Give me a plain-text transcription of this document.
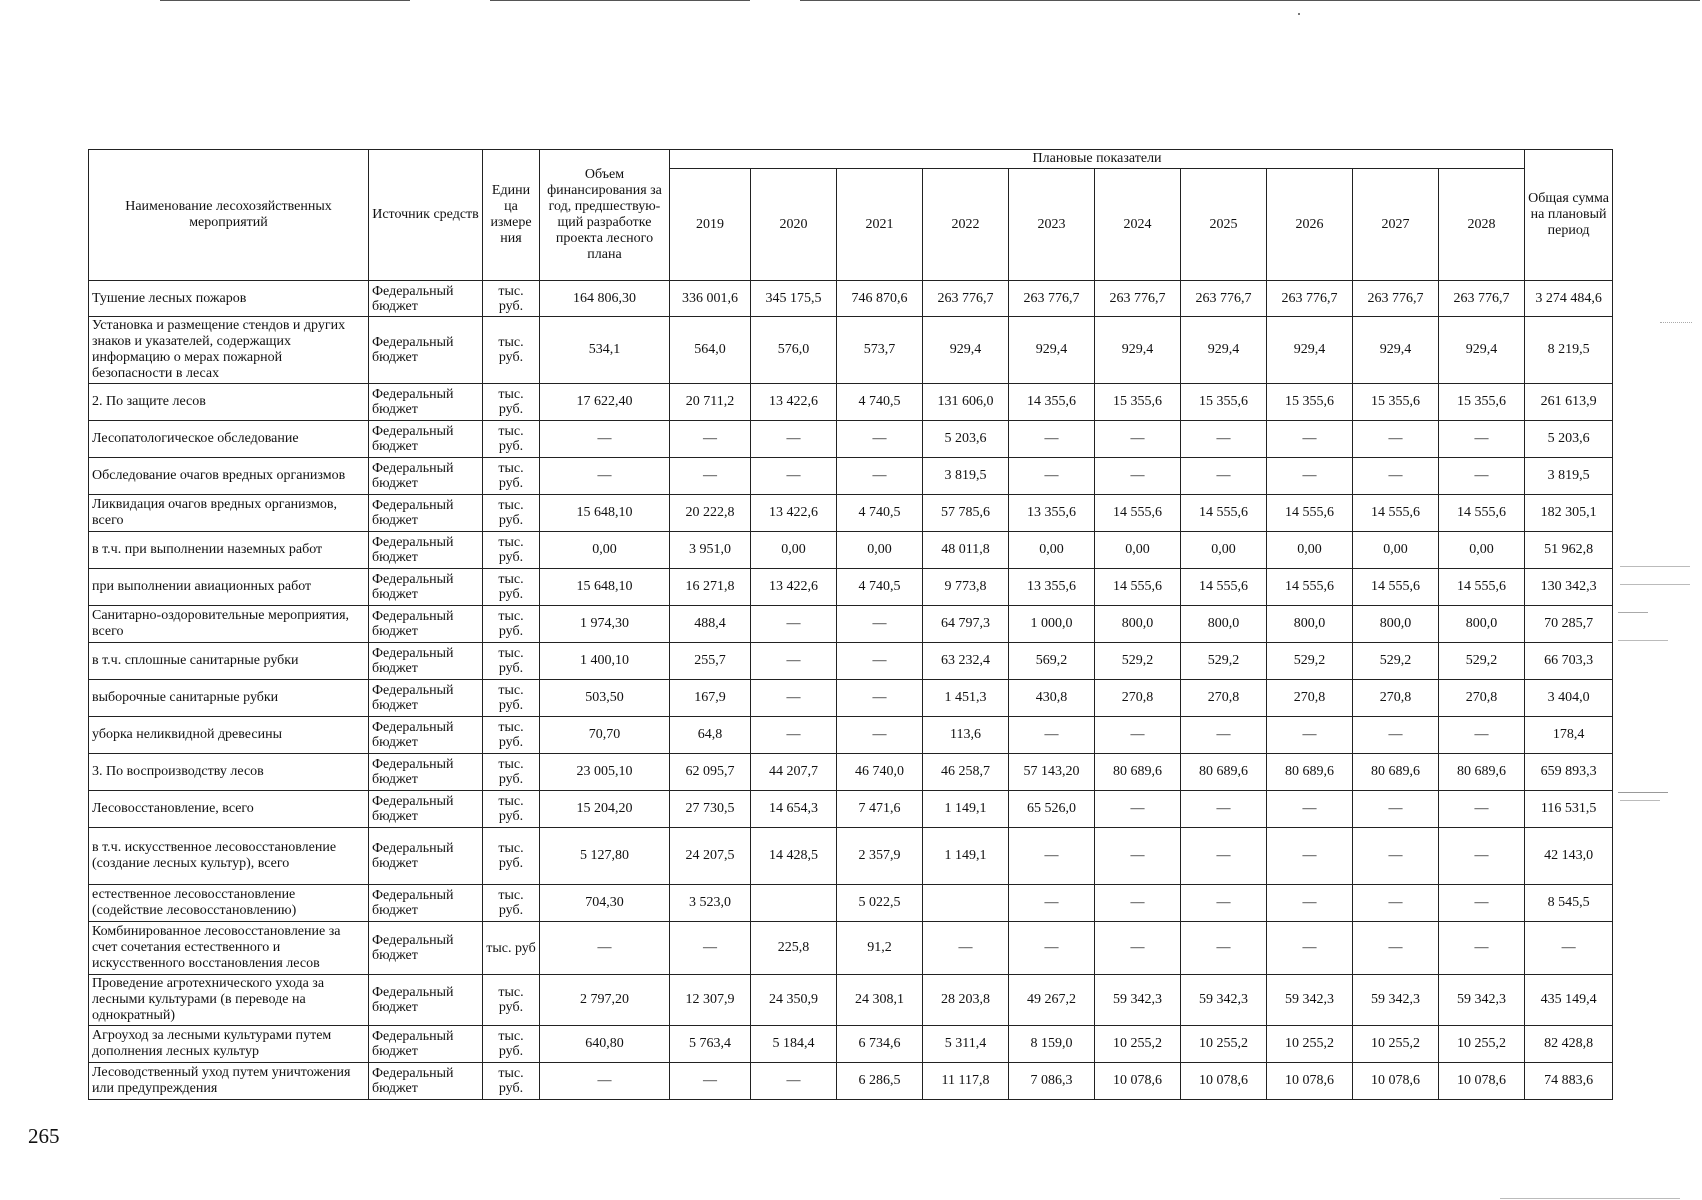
Наименование лесохозяйственных мероприятий	Источник средств	Едини ца измере ния	Объем финансирования за год, предшествую-щий разработке проекта лесного плана	Плановые показатели										Общая сумма на плановый период
				2019	2020	2021	2022	2023	2024	2025	2026	2027	2028	
Тушение лесных пожаров	Федеральный бюджет	тыс. руб.	164 806,30	336 001,6	345 175,5	746 870,6	263 776,7	263 776,7	263 776,7	263 776,7	263 776,7	263 776,7	263 776,7	3 274 484,6
Установка и размещение стендов и других знаков и указателей, содержащих информацию о мерах пожарной безопасности в лесах	Федеральный бюджет	тыс. руб.	534,1	564,0	576,0	573,7	929,4	929,4	929,4	929,4	929,4	929,4	929,4	8 219,5
2. По защите лесов	Федеральный бюджет	тыс. руб.	17 622,40	20 711,2	13 422,6	4 740,5	131 606,0	14 355,6	15 355,6	15 355,6	15 355,6	15 355,6	15 355,6	261 613,9
Лесопатологическое обследование	Федеральный бюджет	тыс. руб.	—	—	—	—	5 203,6	—	—	—	—	—	—	5 203,6
Обследование очагов вредных организмов	Федеральный бюджет	тыс. руб.	—	—	—	—	3 819,5	—	—	—	—	—	—	3 819,5
Ликвидация очагов вредных организмов, всего	Федеральный бюджет	тыс. руб.	15 648,10	20 222,8	13 422,6	4 740,5	57 785,6	13 355,6	14 555,6	14 555,6	14 555,6	14 555,6	14 555,6	182 305,1
в т.ч. при выполнении наземных работ	Федеральный бюджет	тыс. руб.	0,00	3 951,0	0,00	0,00	48 011,8	0,00	0,00	0,00	0,00	0,00	0,00	51 962,8
при выполнении авиационных работ	Федеральный бюджет	тыс. руб.	15 648,10	16 271,8	13 422,6	4 740,5	9 773,8	13 355,6	14 555,6	14 555,6	14 555,6	14 555,6	14 555,6	130 342,3
Санитарно-оздоровительные мероприятия, всего	Федеральный бюджет	тыс. руб.	1 974,30	488,4	—	—	64 797,3	1 000,0	800,0	800,0	800,0	800,0	800,0	70 285,7
в т.ч. сплошные санитарные рубки	Федеральный бюджет	тыс. руб.	1 400,10	255,7	—	—	63 232,4	569,2	529,2	529,2	529,2	529,2	529,2	66 703,3
выборочные санитарные рубки	Федеральный бюджет	тыс. руб.	503,50	167,9	—	—	1 451,3	430,8	270,8	270,8	270,8	270,8	270,8	3 404,0
уборка неликвидной древесины	Федеральный бюджет	тыс. руб.	70,70	64,8	—	—	113,6	—	—	—	—	—	—	178,4
3. По воспроизводству лесов	Федеральный бюджет	тыс. руб.	23 005,10	62 095,7	44 207,7	46 740,0	46 258,7	57 143,20	80 689,6	80 689,6	80 689,6	80 689,6	80 689,6	659 893,3
Лесовосстановление, всего	Федеральный бюджет	тыс. руб.	15 204,20	27 730,5	14 654,3	7 471,6	1 149,1	65 526,0	—	—	—	—	—	116 531,5
в т.ч. искусственное лесовосстановление (создание лесных культур), всего	Федеральный бюджет	тыс. руб.	5 127,80	24 207,5	14 428,5	2 357,9	1 149,1	—	—	—	—	—	—	42 143,0
естественное лесовосстановление (содействие лесовосстановлению)	Федеральный бюджет	тыс. руб.	704,30	3 523,0		5 022,5		—	—	—	—	—	—	8 545,5
Комбинированное лесовосстановление за счет сочетания естественного и искусственного восстановления лесов	Федеральный бюджет	тыс. руб	—	—	225,8	91,2	—	—	—	—	—	—	—	—
Проведение агротехнического ухода за лесными культурами (в переводе на однократный)	Федеральный бюджет	тыс. руб.	2 797,20	12 307,9	24 350,9	24 308,1	28 203,8	49 267,2	59 342,3	59 342,3	59 342,3	59 342,3	59 342,3	435 149,4
Агроуход за лесными культурами путем дополнения лесных культур	Федеральный бюджет	тыс. руб.	640,80	5 763,4	5 184,4	6 734,6	5 311,4	8 159,0	10 255,2	10 255,2	10 255,2	10 255,2	10 255,2	82 428,8
Лесоводственный уход путем уничтожения или предупреждения	Федеральный бюджет	тыс. руб.	—	—	—	6 286,5	11 117,8	7 086,3	10 078,6	10 078,6	10 078,6	10 078,6	10 078,6	74 883,6
265
